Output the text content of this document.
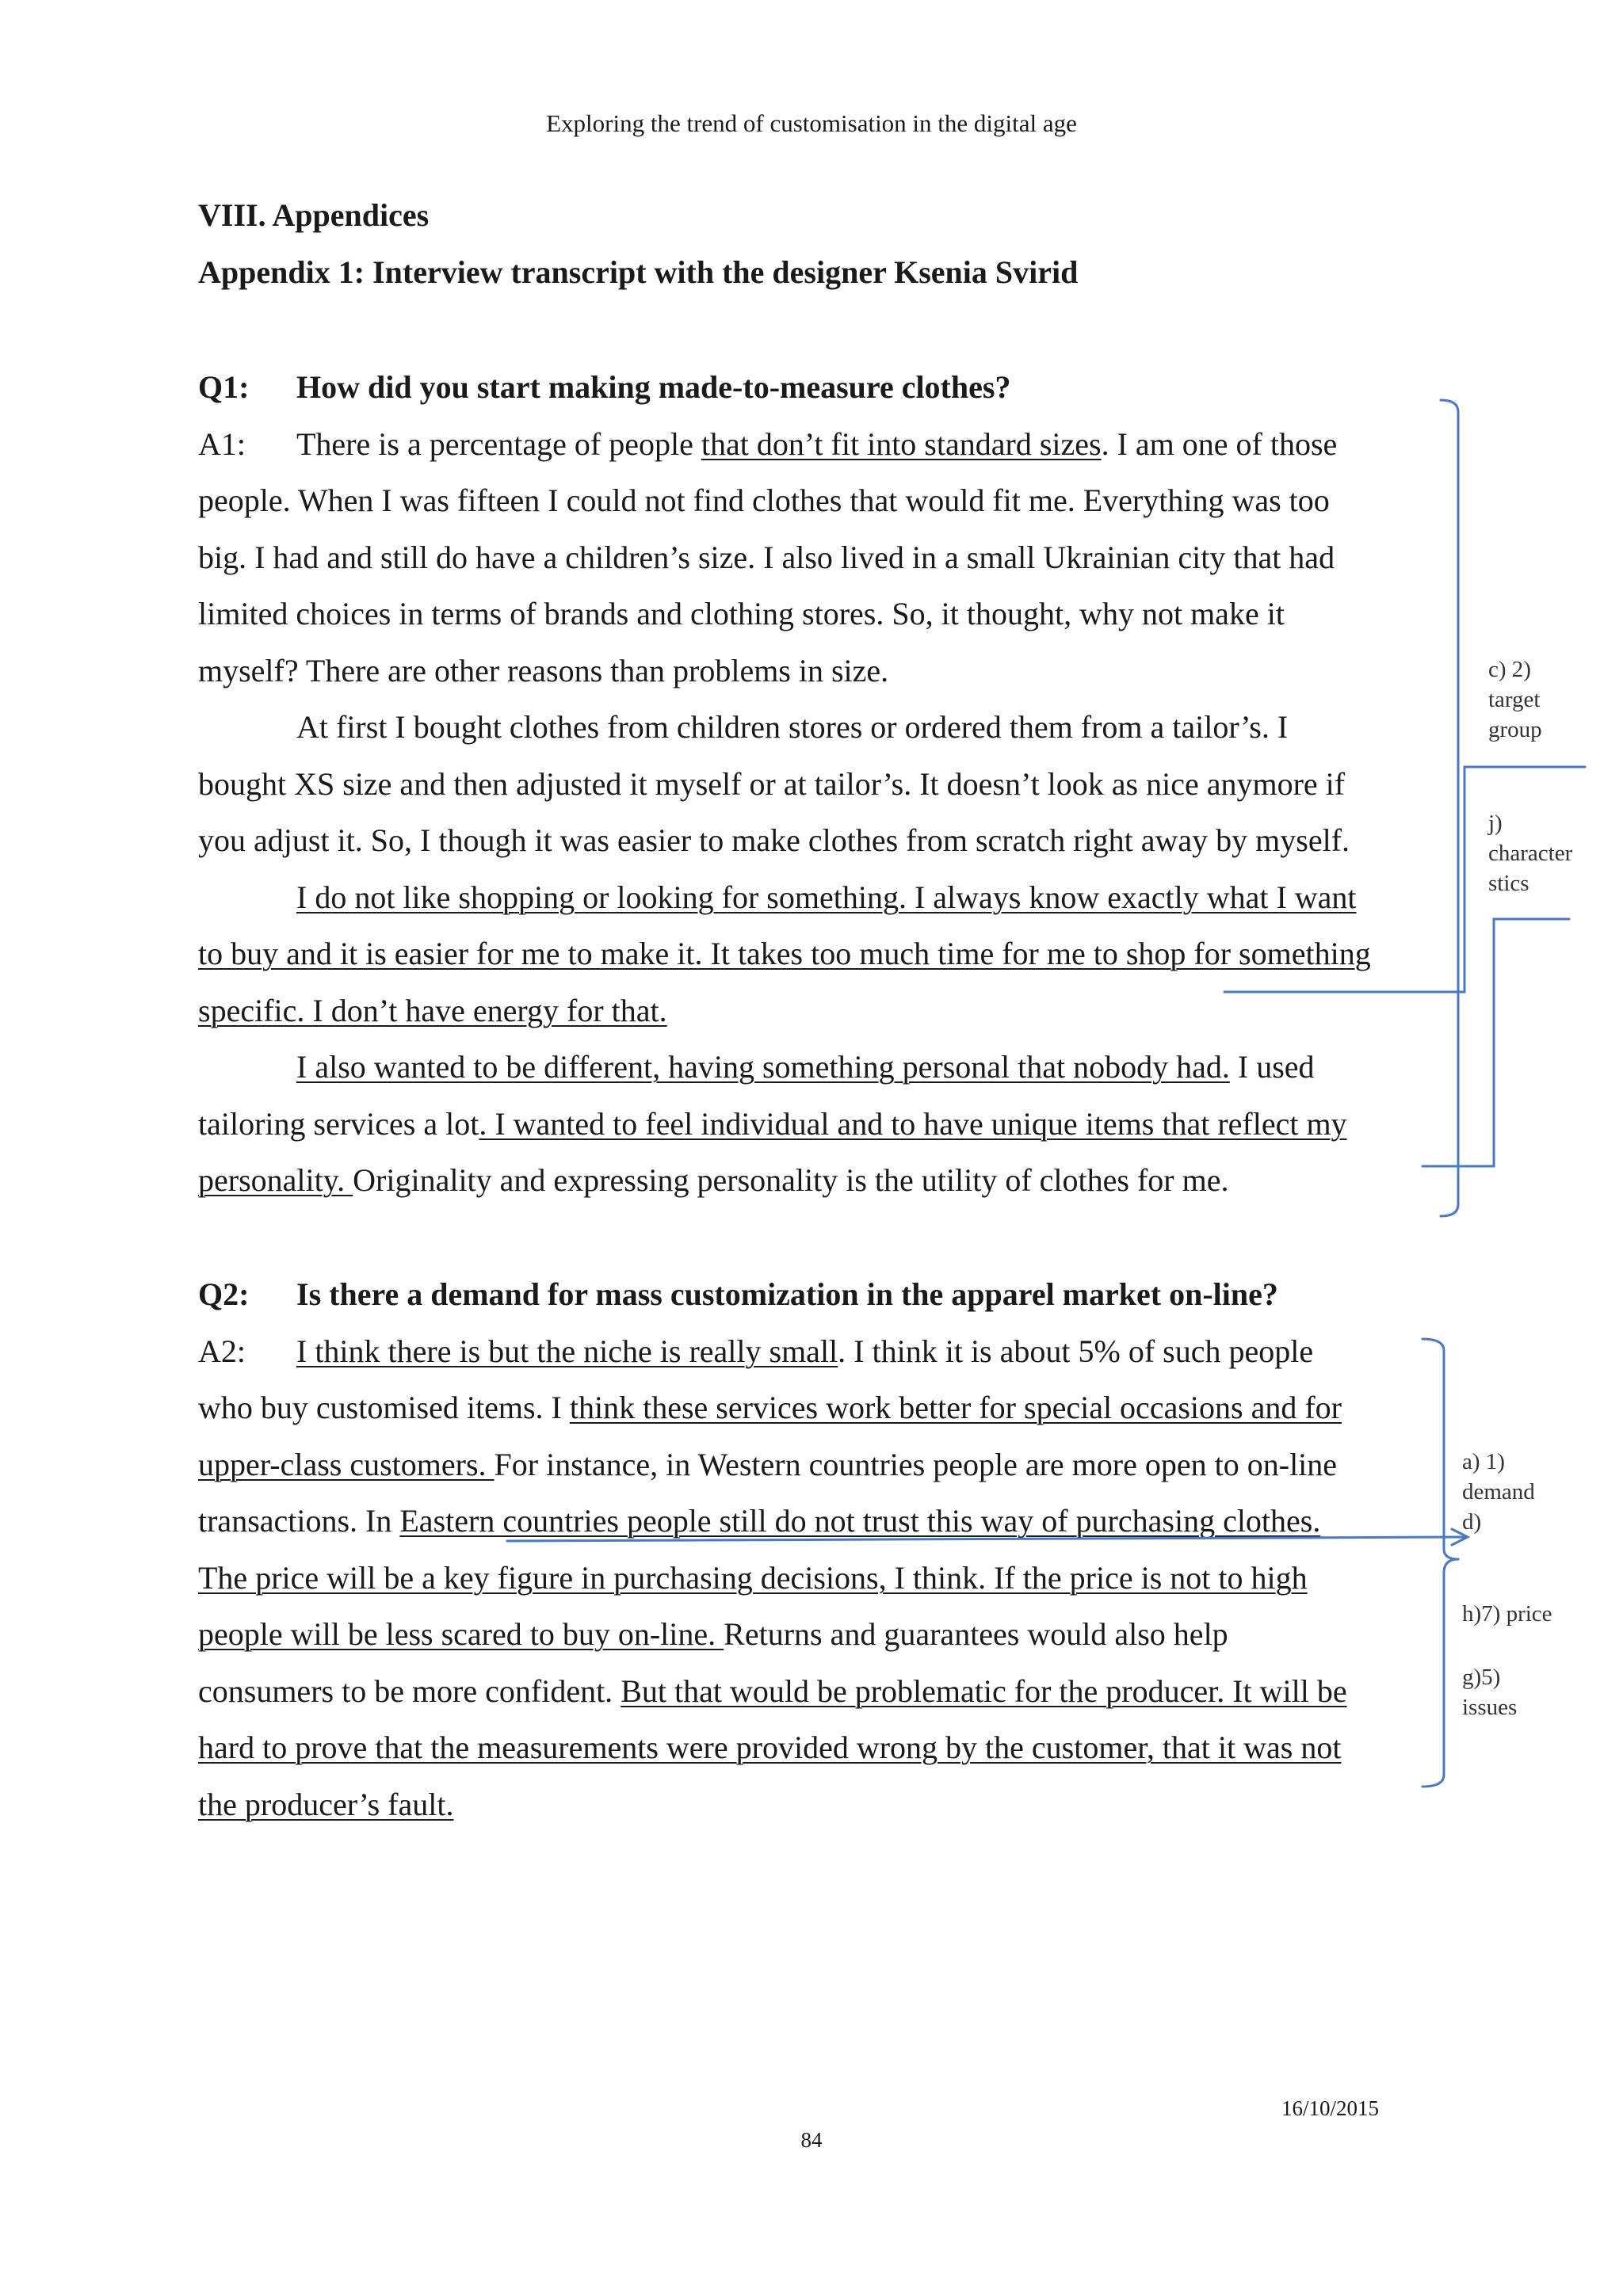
Exploring the trend of customisation in the digital age
VIII. Appendices
Appendix 1: Interview transcript with the designer Ksenia Svirid
Q1: How did you start making made-to-measure clothes?
A1: There is a percentage of people that don’t fit into standard sizes. I am one of those
people. When I was fifteen I could not find clothes that would fit me. Everything was too
big. I had and still do have a children’s size. I also lived in a small Ukrainian city that had
limited choices in terms of brands and clothing stores. So, it thought, why not make it
myself? There are other reasons than problems in size.
At first I bought clothes from children stores or ordered them from a tailor’s. I
bought XS size and then adjusted it myself or at tailor’s. It doesn’t look as nice anymore if
you adjust it. So, I though it was easier to make clothes from scratch right away by myself.
I do not like shopping or looking for something. I always know exactly what I want
to buy and it is easier for me to make it. It takes too much time for me to shop for something
specific. I don’t have energy for that.
I also wanted to be different, having something personal that nobody had. I used
tailoring services a lot. I wanted to feel individual and to have unique items that reflect my
personality. Originality and expressing personality is the utility of clothes for me.
Q2: Is there a demand for mass customization in the apparel market on-line?
A2: I think there is but the niche is really small. I think it is about 5% of such people
who buy customised items. I think these services work better for special occasions and for
upper-class customers. For instance, in Western countries people are more open to on-line
transactions. In Eastern countries people still do not trust this way of purchasing clothes.
The price will be a key figure in purchasing decisions, I think. If the price is not to high
people will be less scared to buy on-line. Returns and guarantees would also help
consumers to be more confident. But that would be problematic for the producer. It will be
hard to prove that the measurements were provided wrong by the customer, that it was not
the producer’s fault.
c) 2)
target
group
j)
character
stics
a) 1)
demand
d)
h)7) price
g)5)
issues
16/10/2015
84
